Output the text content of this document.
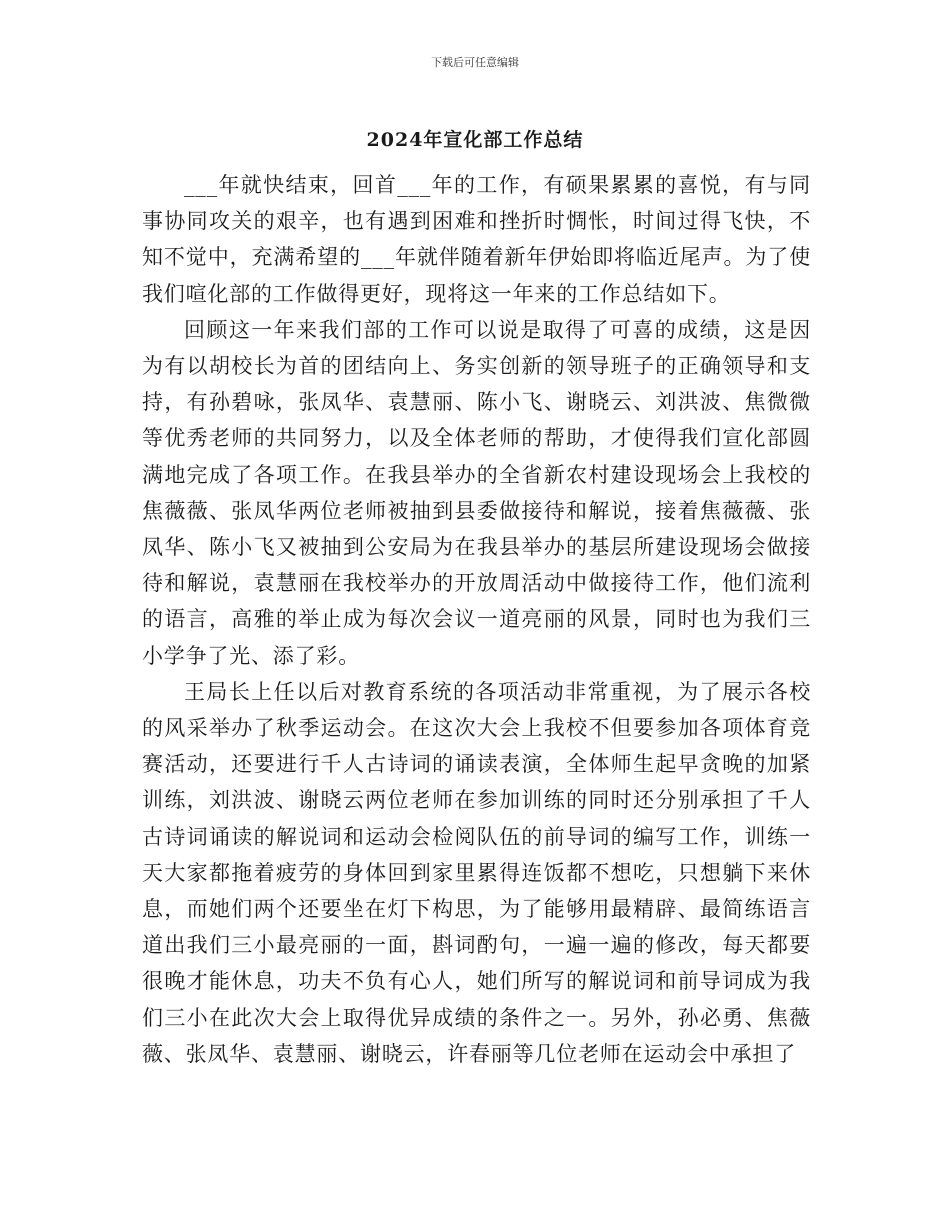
下载后可任意编辑
2024年宣化部工作总结

___年就快结束，回首___年的工作，有硕果累累的喜悦，有与同事协同攻关的艰辛，也有遇到困难和挫折时惆怅，时间过得飞快，不知不觉中，充满希望的___年就伴随着新年伊始即将临近尾声。为了使我们喧化部的工作做得更好，现将这一年来的工作总结如下。

回顾这一年来我们部的工作可以说是取得了可喜的成绩，这是因为有以胡校长为首的团结向上、务实创新的领导班子的正确领导和支持，有孙碧咏，张凤华、袁慧丽、陈小飞、谢晓云、刘洪波、焦微微等优秀老师的共同努力，以及全体老师的帮助，才使得我们宣化部圆满地完成了各项工作。在我县举办的全省新农村建设现场会上我校的焦薇薇、张凤华两位老师被抽到县委做接待和解说，接着焦薇薇、张凤华、陈小飞又被抽到公安局为在我县举办的基层所建设现场会做接待和解说，袁慧丽在我校举办的开放周活动中做接待工作，他们流利的语言，高雅的举止成为每次会议一道亮丽的风景，同时也为我们三小学争了光、添了彩。

王局长上任以后对教育系统的各项活动非常重视，为了展示各校的风采举办了秋季运动会。在这次大会上我校不但要参加各项体育竞赛活动，还要进行千人古诗词的诵读表演，全体师生起早贪晚的加紧训练，刘洪波、谢晓云两位老师在参加训练的同时还分别承担了千人古诗词诵读的解说词和运动会检阅队伍的前导词的编写工作，训练一天大家都拖着疲劳的身体回到家里累得连饭都不想吃，只想躺下来休息，而她们两个还要坐在灯下构思，为了能够用最精辟、最简练语言道出我们三小最亮丽的一面，斟词酌句，一遍一遍的修改，每天都要很晚才能休息，功夫不负有心人，她们所写的解说词和前导词成为我们三小在此次大会上取得优异成绩的条件之一。另外，孙必勇、焦薇薇、张凤华、袁慧丽、谢晓云，许春丽等几位老师在运动会中承担了
